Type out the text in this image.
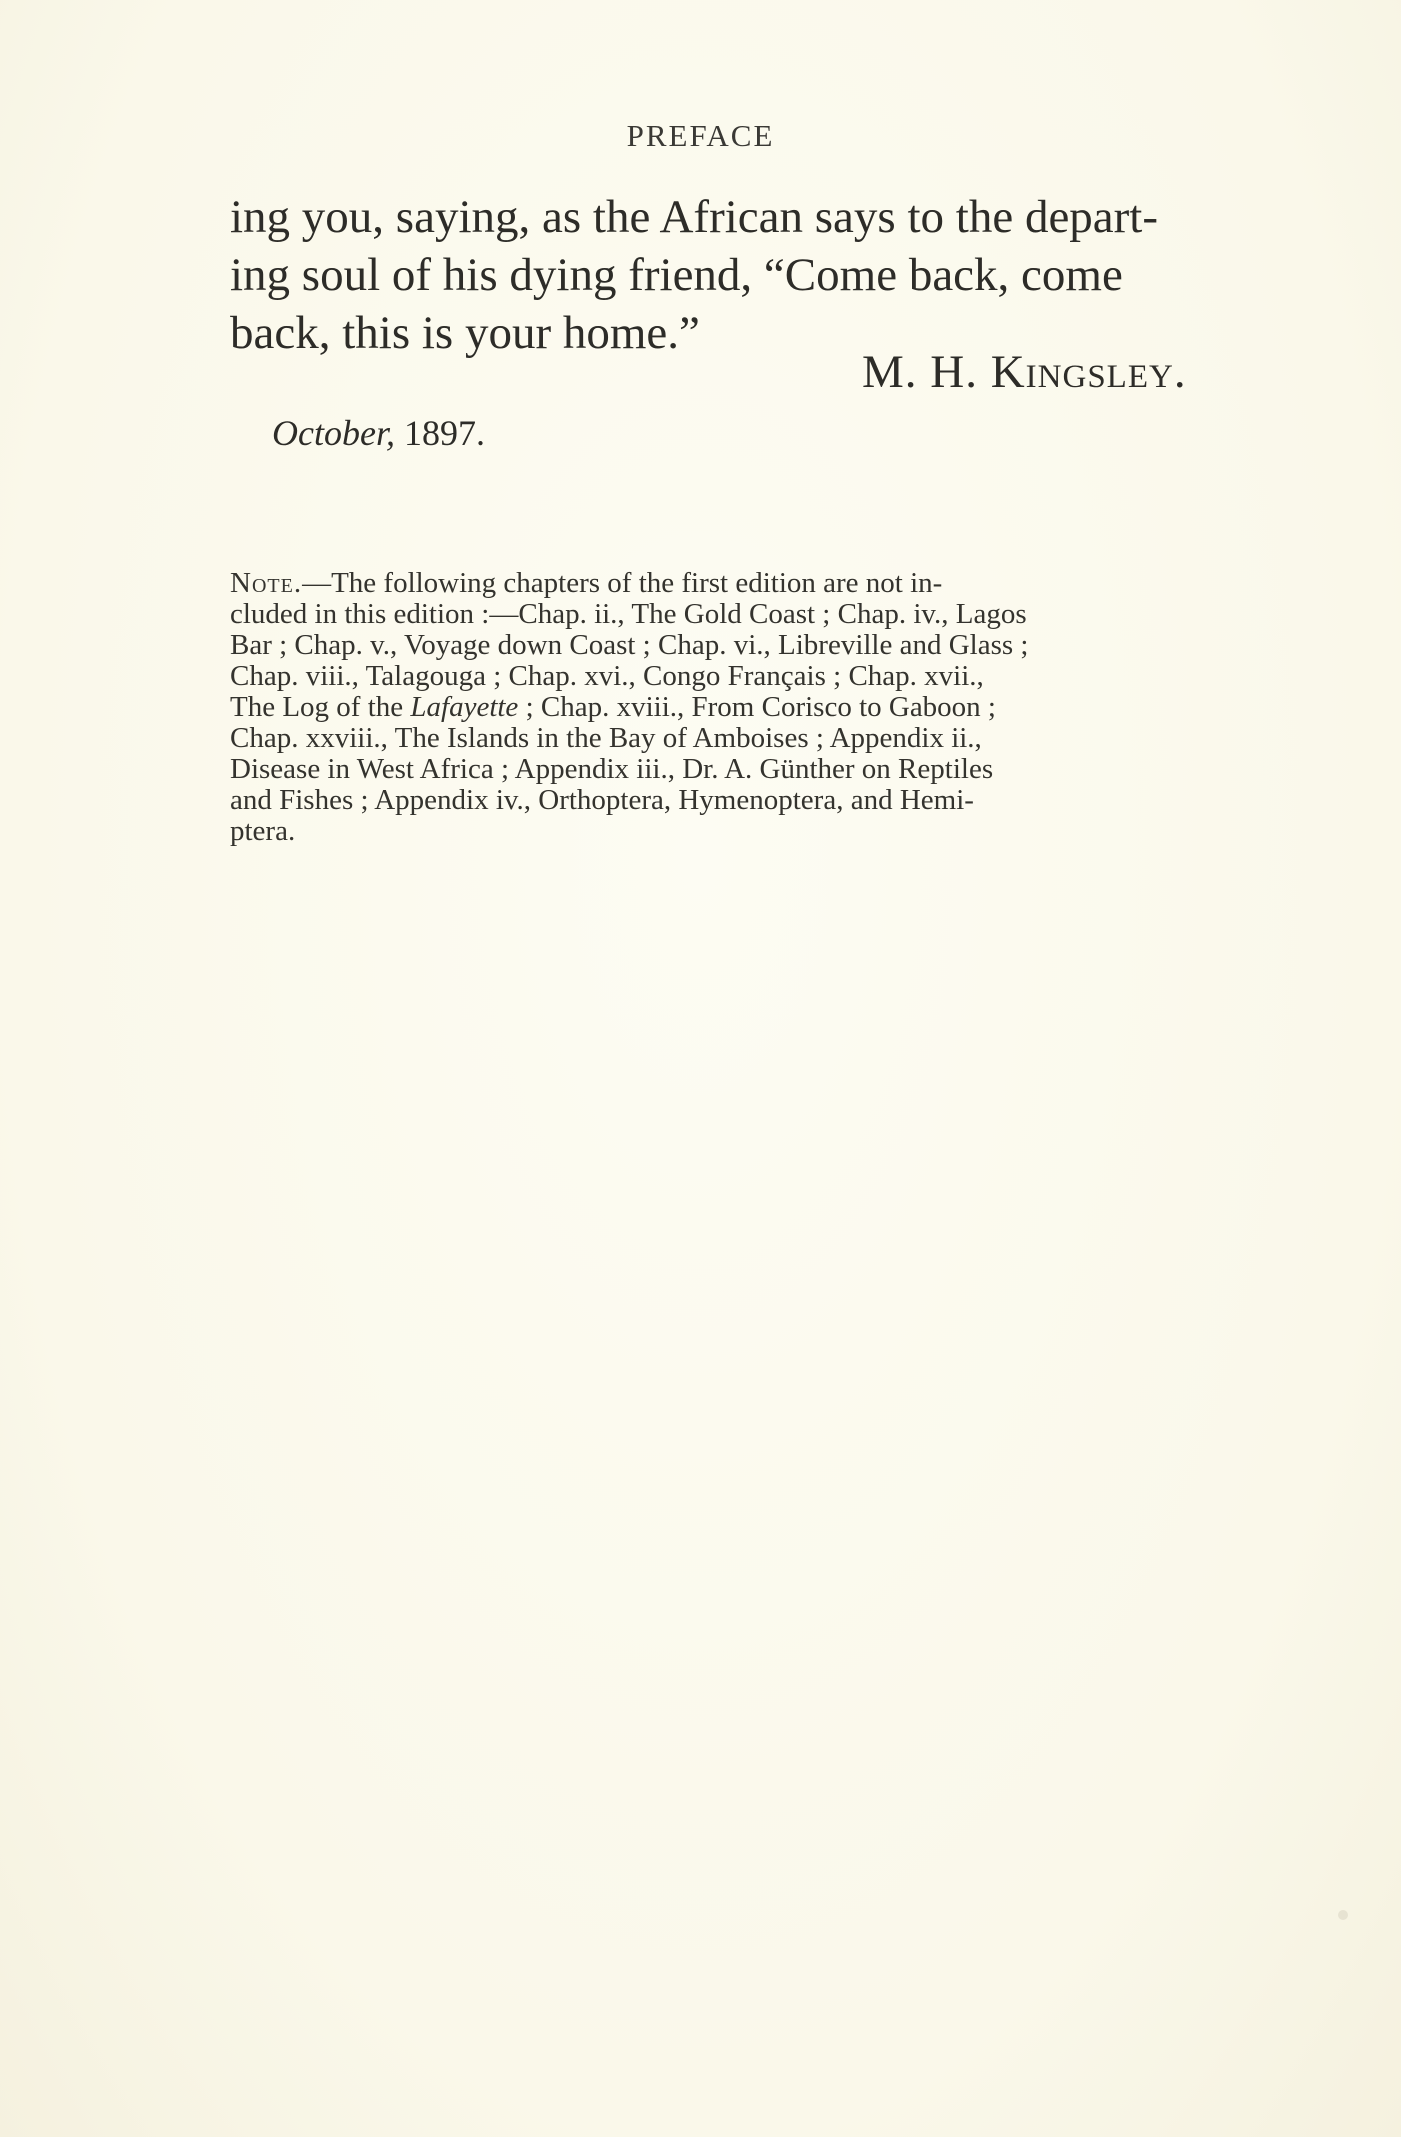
PREFACE
ing you, saying, as the African says to the depart-
ing soul of his dying friend, “Come back, come
back, this is your home.”
M. H. Kingsley.
October, 1897.
Note.—The following chapters of the first edition are not in-
cluded in this edition :—Chap. ii., The Gold Coast ; Chap. iv., Lagos
Bar ; Chap. v., Voyage down Coast ; Chap. vi., Libreville and Glass ;
Chap. viii., Talagouga ; Chap. xvi., Congo Français ; Chap. xvii.,
The Log of the Lafayette ; Chap. xviii., From Corisco to Gaboon ;
Chap. xxviii., The Islands in the Bay of Amboises ; Appendix ii.,
Disease in West Africa ; Appendix iii., Dr. A. Günther on Reptiles
and Fishes ; Appendix iv., Orthoptera, Hymenoptera, and Hemi-
ptera.
